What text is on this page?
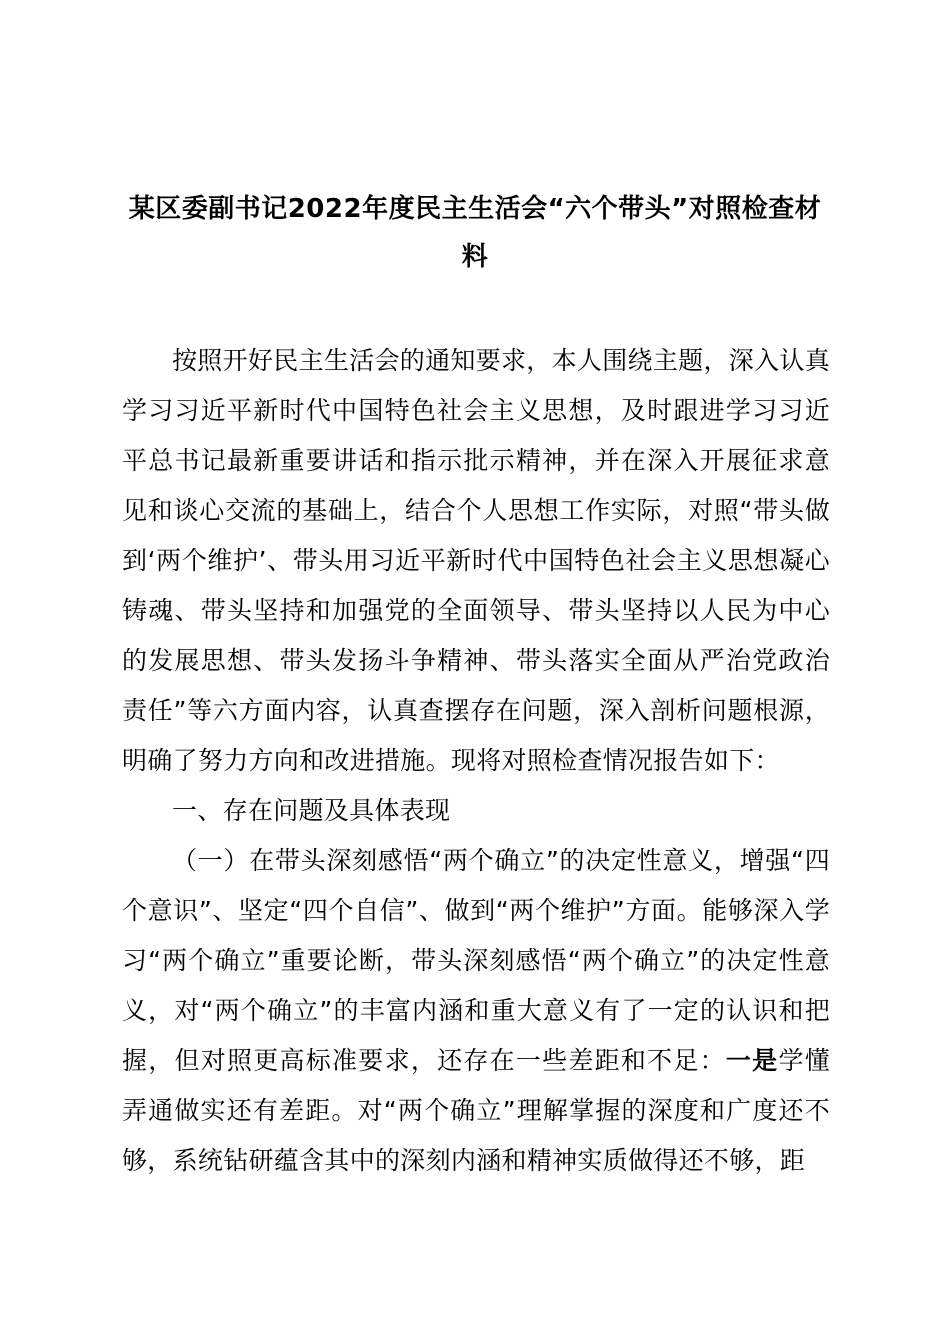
某区委副书记2022年度民主生活会“六个带头”对照检查材料

按照开好民主生活会的通知要求，本人围绕主题，深入认真学习习近平新时代中国特色社会主义思想，及时跟进学习习近平总书记最新重要讲话和指示批示精神，并在深入开展征求意见和谈心交流的基础上，结合个人思想工作实际，对照“带头做到‘两个维护’、带头用习近平新时代中国特色社会主义思想凝心铸魂、带头坚持和加强党的全面领导、带头坚持以人民为中心的发展思想、带头发扬斗争精神、带头落实全面从严治党政治责任”等六方面内容，认真查摆存在问题，深入剖析问题根源，明确了努力方向和改进措施。现将对照检查情况报告如下：

一、存在问题及具体表现

（一）在带头深刻感悟“两个确立”的决定性意义，增强“四个意识”、坚定“四个自信”、做到“两个维护”方面。能够深入学习“两个确立”重要论断，带头深刻感悟“两个确立”的决定性意义，对“两个确立”的丰富内涵和重大意义有了一定的认识和把握，但对照更高标准要求，还存在一些差距和不足：一是学懂弄通做实还有差距。对“两个确立”理解掌握的深度和广度还不够，系统钻研蕴含其中的深刻内涵和精神实质做得还不够，距
